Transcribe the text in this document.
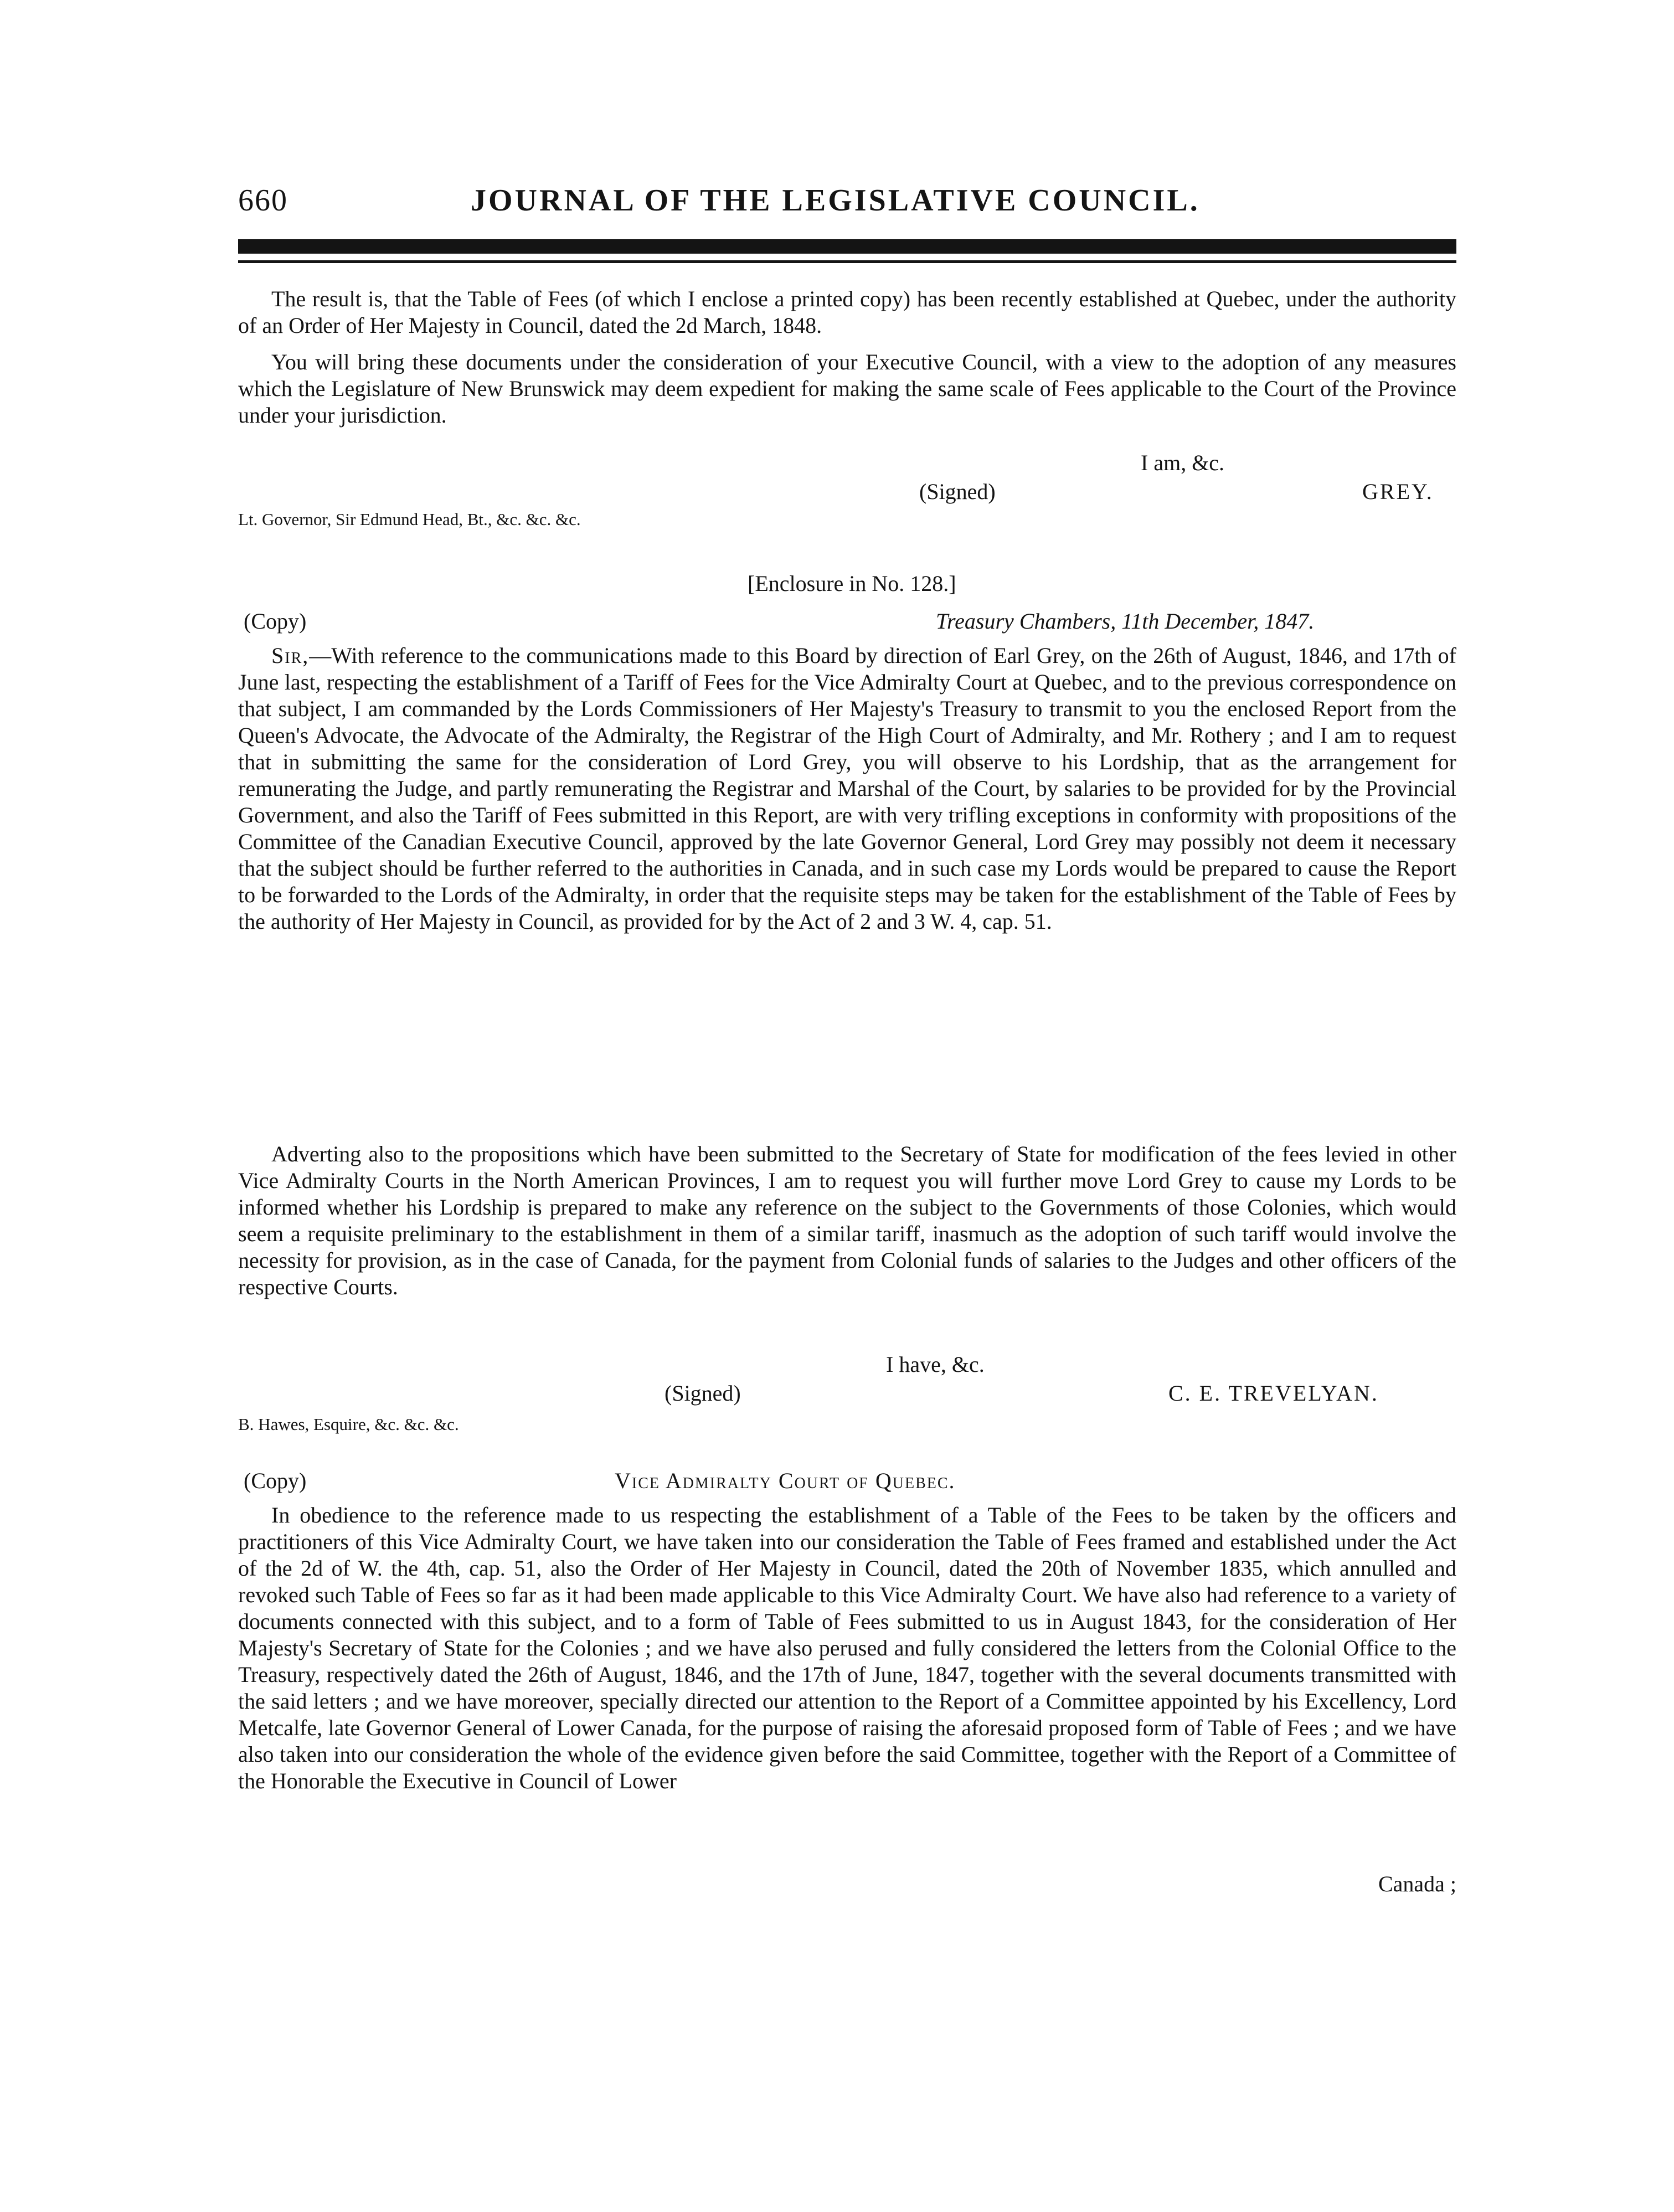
660	JOURNAL OF THE LEGISLATIVE COUNCIL.

The result is, that the Table of Fees (of which I enclose a printed copy) has been recently established at Quebec, under the authority of an Order of Her Majesty in Council, dated the 2d March, 1848.

You will bring these documents under the consideration of your Executive Council, with a view to the adoption of any measures which the Legislature of New Brunswick may deem expedient for making the same scale of Fees applicable to the Court of the Province under your jurisdiction.

I am, &c.
(Signed)	GREY.
Lt. Governor, Sir Edmund Head, Bt., &c. &c. &c.
[Enclosure in No. 128.]
(Copy)	Treasury Chambers, 11th December, 1847.

Sir,—With reference to the communications made to this Board by direction of Earl Grey, on the 26th of August, 1846, and 17th of June last, respecting the establishment of a Tariff of Fees for the Vice Admiralty Court at Quebec, and to the previous correspondence on that subject, I am commanded by the Lords Commissioners of Her Majesty's Treasury to transmit to you the enclosed Report from the Queen's Advocate, the Advocate of the Admiralty, the Registrar of the High Court of Admiralty, and Mr. Rothery ; and I am to request that in submitting the same for the consideration of Lord Grey, you will observe to his Lordship, that as the arrangement for remunerating the Judge, and partly remunerating the Registrar and Marshal of the Court, by salaries to be provided for by the Provincial Government, and also the Tariff of Fees submitted in this Report, are with very trifling exceptions in conformity with propositions of the Committee of the Canadian Executive Council, approved by the late Governor General, Lord Grey may possibly not deem it necessary that the subject should be further referred to the authorities in Canada, and in such case my Lords would be prepared to cause the Report to be forwarded to the Lords of the Admiralty, in order that the requisite steps may be taken for the establishment of the Table of Fees by the authority of Her Majesty in Council, as provided for by the Act of 2 and 3 W. 4, cap. 51.

Adverting also to the propositions which have been submitted to the Secretary of State for modification of the fees levied in other Vice Admiralty Courts in the North American Provinces, I am to request you will further move Lord Grey to cause my Lords to be informed whether his Lordship is prepared to make any reference on the subject to the Governments of those Colonies, which would seem a requisite preliminary to the establishment in them of a similar tariff, inasmuch as the adoption of such tariff would involve the necessity for provision, as in the case of Canada, for the payment from Colonial funds of salaries to the Judges and other officers of the respective Courts.

I have, &c.
(Signed)	C. E. TREVELYAN.
B. Hawes, Esquire, &c. &c. &c.
(Copy)	Vice Admiralty Court of Quebec.

In obedience to the reference made to us respecting the establishment of a Table of the Fees to be taken by the officers and practitioners of this Vice Admiralty Court, we have taken into our consideration the Table of Fees framed and established under the Act of the 2d of W. the 4th, cap. 51, also the Order of Her Majesty in Council, dated the 20th of November 1835, which annulled and revoked such Table of Fees so far as it had been made applicable to this Vice Admiralty Court. We have also had reference to a variety of documents connected with this subject, and to a form of Table of Fees submitted to us in August 1843, for the consideration of Her Majesty's Secretary of State for the Colonies ; and we have also perused and fully considered the letters from the Colonial Office to the Treasury, respectively dated the 26th of August, 1846, and the 17th of June, 1847, together with the several documents transmitted with the said letters ; and we have moreover, specially directed our attention to the Report of a Committee appointed by his Excellency, Lord Metcalfe, late Governor General of Lower Canada, for the purpose of raising the aforesaid proposed form of Table of Fees ; and we have also taken into our consideration the whole of the evidence given before the said Committee, together with the Report of a Committee of the Honorable the Executive in Council of Lower

Canada ;
